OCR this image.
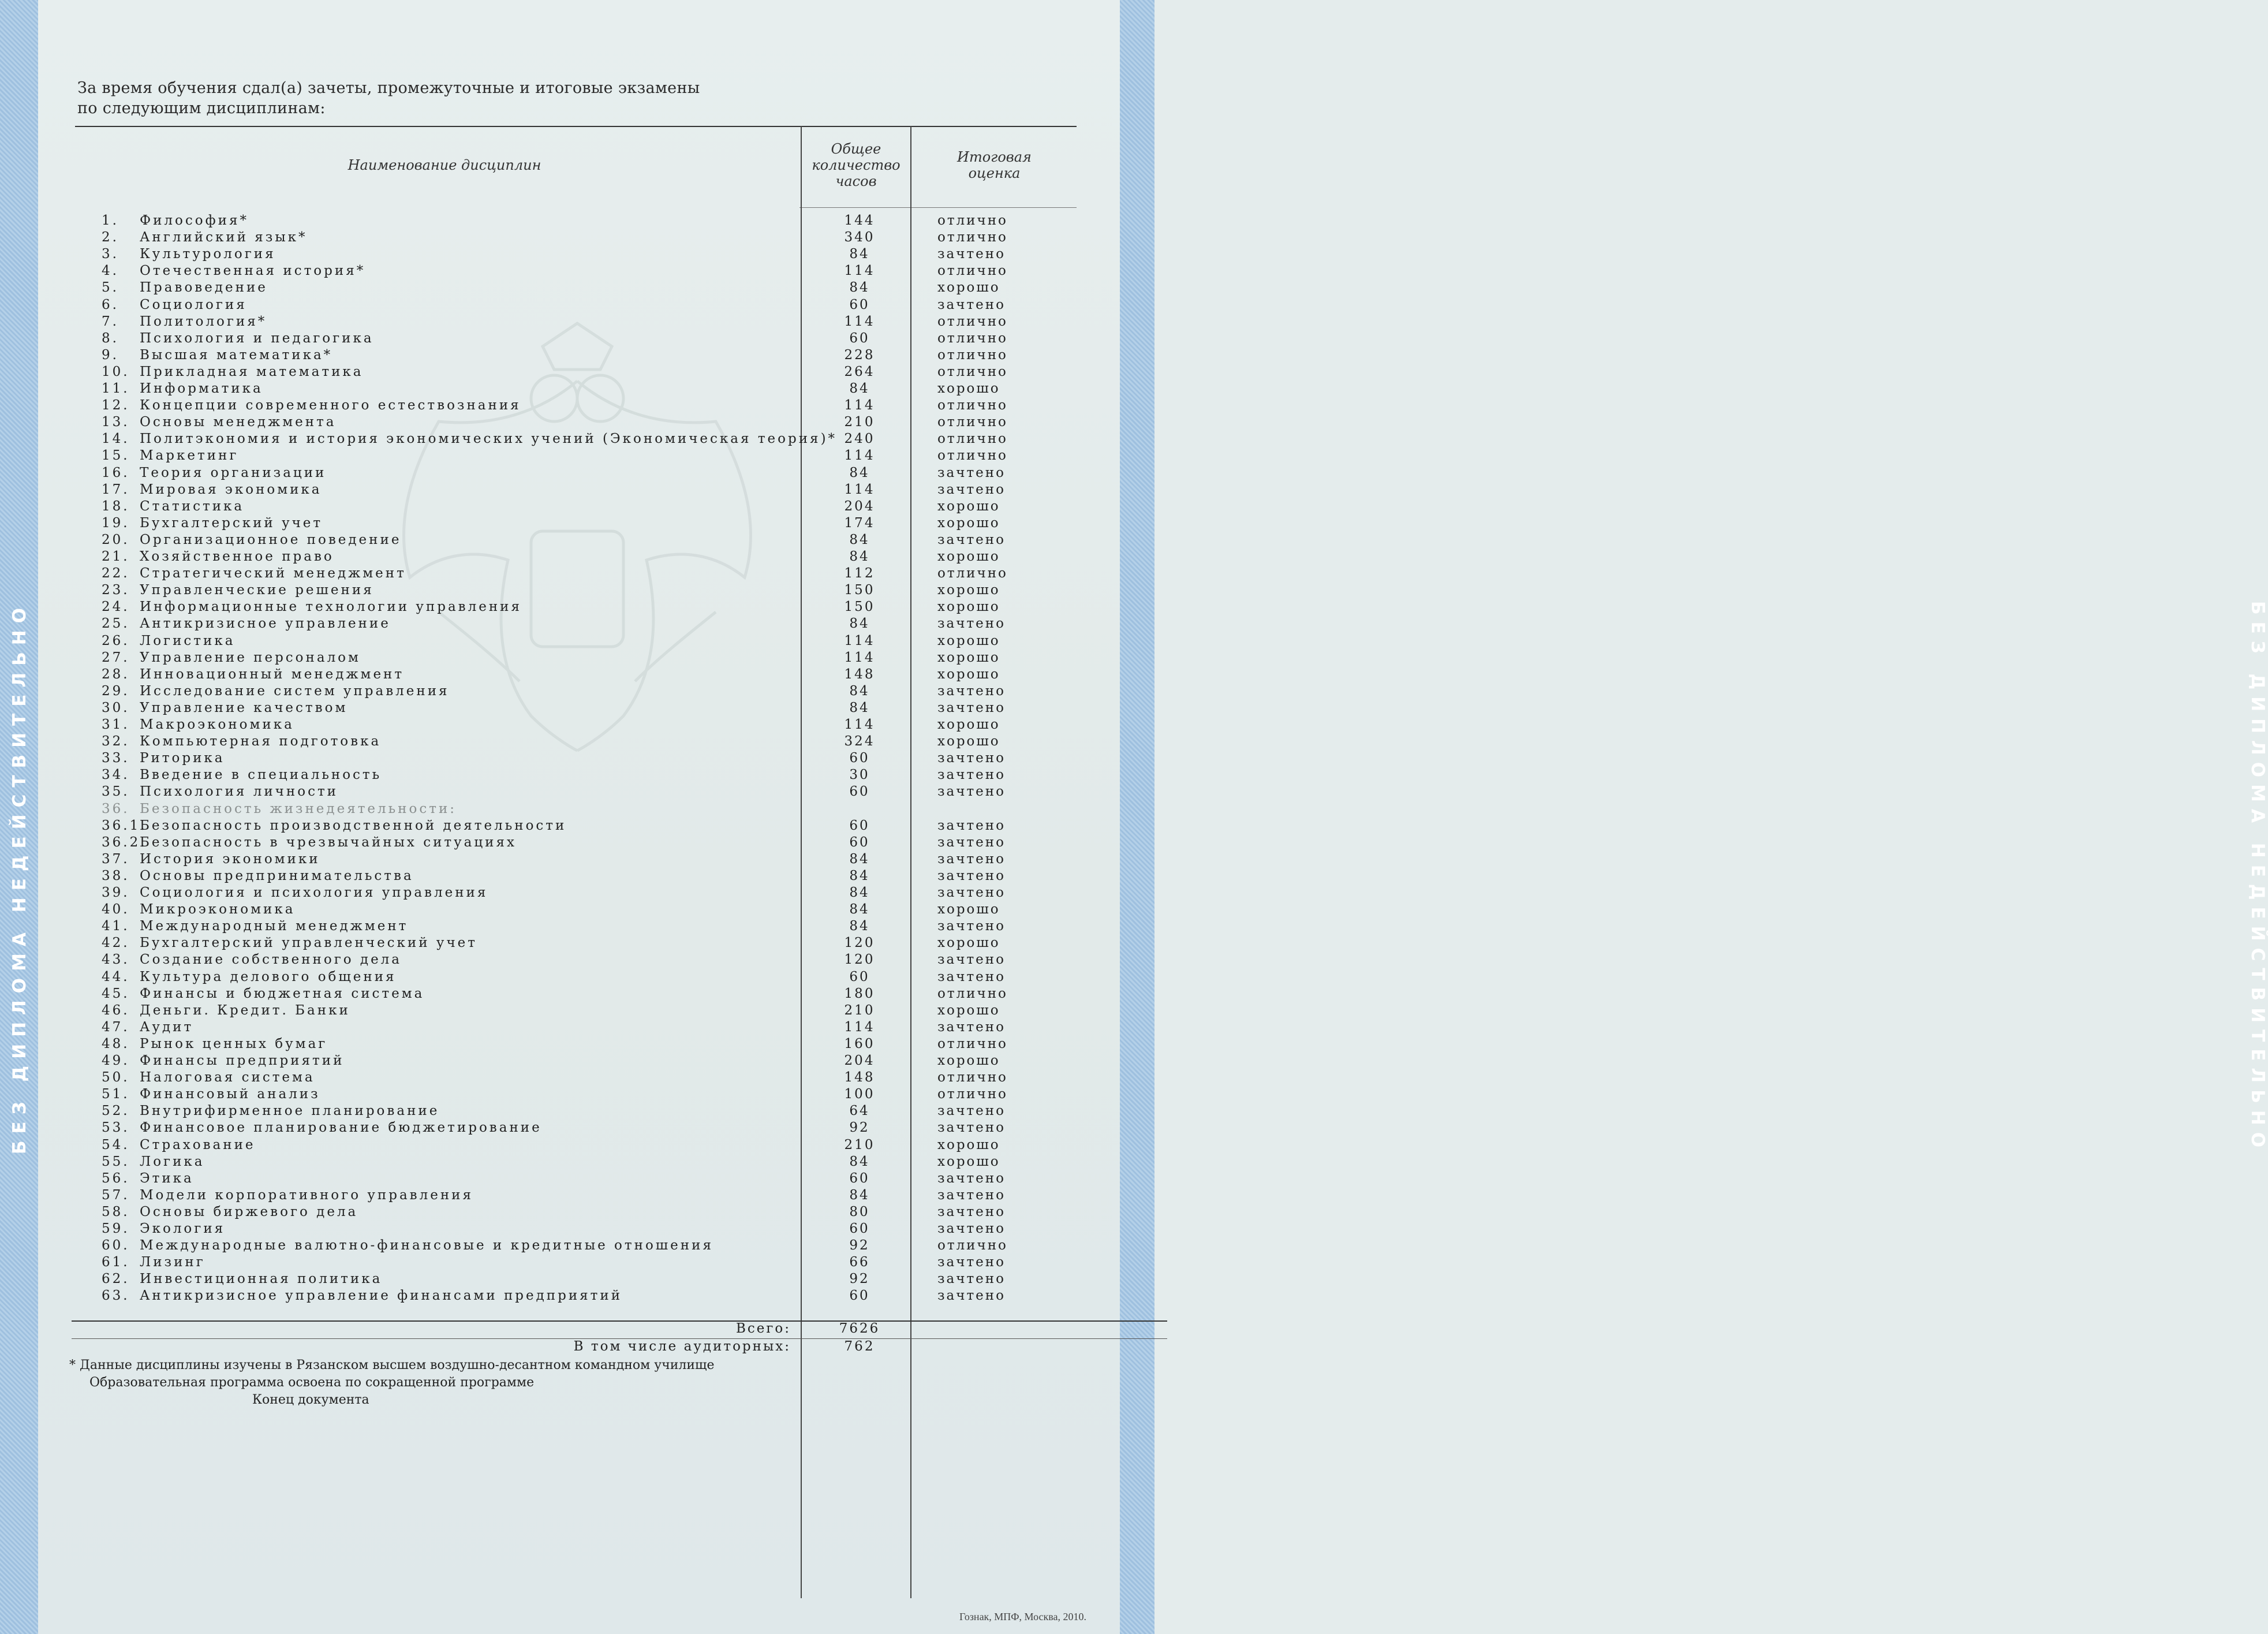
БЕЗ ДИПЛОМА НЕДЕЙСТВИТЕЛЬНО	БЕЗ ДИПЛОМА НЕДЕЙСТВИТЕЛЬНО
За время обучения сдал(а) зачеты, промежуточные и итоговые экзамены
по следующим дисциплинам:
Наименование дисциплин
Общее
количество
часов
Итоговая
оценка
1. Философия*	144	отлично
2. Английский язык*	340	отлично
3. Культурология	84	зачтено
4. Отечественная история*	114	отлично
5. Правоведение	84	хорошо
6. Социология	60	зачтено
7. Политология*	114	отлично
8. Психология и педагогика	60	отлично
9. Высшая математика*	228	отлично
10. Прикладная математика	264	отлично
11. Информатика	84	хорошо
12. Концепции современного естествознания	114	отлично
13. Основы менеджмента	210	отлично
14. Политэкономия и история экономических учений (Экономическая теория)* 240	отлично
15. Маркетинг	114	отлично
16. Теория организации	84	зачтено
17. Мировая экономика	114	зачтено
18. Статистика	204	хорошо
19. Бухгалтерский учет	174	хорошо
20. Организационное поведение	84	зачтено
21. Хозяйственное право	84	хорошо
22. Стратегический менеджмент	112	отлично
23. Управленческие решения	150	хорошо
24. Информационные технологии управления	150	хорошо
25. Антикризисное управление	84	зачтено
26. Логистика	114	хорошо
27. Управление персоналом	114	хорошо
28. Инновационный менеджмент	148	хорошо
29. Исследование систем управления	84	зачтено
30. Управление качеством	84	зачтено
31. Макроэкономика	114	хорошо
32. Компьютерная подготовка	324	хорошо
33. Риторика	60	зачтено
34. Введение в специальность	30	зачтено
35. Психология личности	60	зачтено
36. Безопасность жизнедеятельности:
36.1.
Безопасность производственной деятельности	60	зачтено
36.2.
Безопасность в чрезвычайных ситуациях	60	зачтено
37. История экономики	84	зачтено
38. Основы предпринимательства	84	зачтено
39. Социология и психология управления	84	зачтено
40. Микроэкономика	84	хорошо
41. Международный менеджмент	84	зачтено
42. Бухгалтерский управленческий учет	120	хорошо
43. Создание собственного дела	120	зачтено
44. Культура делового общения	60	зачтено
45. Финансы и бюджетная система	180	отлично
46. Деньги. Кредит. Банки	210	хорошо
47. Аудит	114	зачтено
48. Рынок ценных бумаг	160	отлично
49. Финансы предприятий	204	хорошо
50. Налоговая система	148	отлично
51. Финансовый анализ	100	отлично
52. Внутрифирменное планирование	64	зачтено
53. Финансовое планирование бюджетирование	92	зачтено
54. Страхование	210	хорошо
55. Логика	84	хорошо
56. Этика	60	зачтено
57. Модели корпоративного управления	84	зачтено
58. Основы биржевого дела	80	зачтено
59. Экология	60	зачтено
60. Международные валютно-финансовые и кредитные отношения	92	отлично
61. Лизинг	66	зачтено
62. Инвестиционная политика	92	зачтено
63. Антикризисное управление финансами предприятий	60	зачтено
Всего:	7626
В том числе аудиторных:	762
* Данные дисциплины изучены в Рязанском высшем воздушно-десантном командном училище
Образовательная программа освоена по сокращенной программе
Конец документа
Гознак, МПФ, Москва, 2010.
